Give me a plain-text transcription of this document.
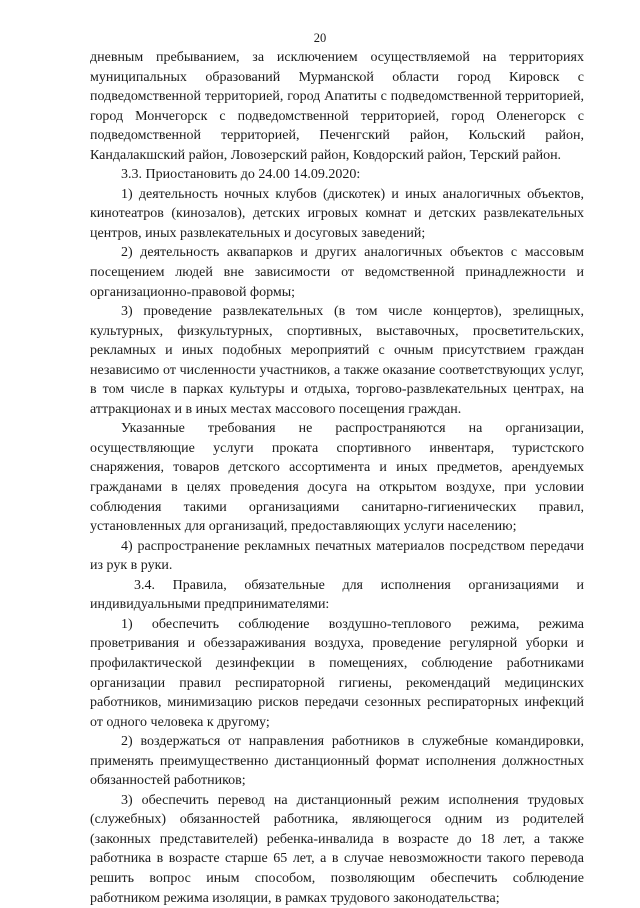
20

дневным пребыванием, за исключением осуществляемой на территориях муниципальных образований Мурманской области город Кировск с подведомственной территорией, город Апатиты с подведомственной территорией, город Мончегорск с подведомственной территорией, город Оленегорск с подведомственной территорией, Печенгский район, Кольский район, Кандалакшский район, Ловозерский район, Ковдорский район, Терский район.

3.3. Приостановить до 24.00 14.09.2020:

1) деятельность ночных клубов (дискотек) и иных аналогичных объектов, кинотеатров (кинозалов), детских игровых комнат и детских развлекательных центров, иных развлекательных и досуговых заведений;

2) деятельность аквапарков и других аналогичных объектов с массовым посещением людей вне зависимости от ведомственной принадлежности и организационно-правовой формы;

3) проведение развлекательных (в том числе концертов), зрелищных, культурных, физкультурных, спортивных, выставочных, просветительских, рекламных и иных подобных мероприятий с очным присутствием граждан независимо от численности участников, а также оказание соответствующих услуг, в том числе в парках культуры и отдыха, торгово-развлекательных центрах, на аттракционах и в иных местах массового посещения граждан.

Указанные требования не распространяются на организации, осуществляющие услуги проката спортивного инвентаря, туристского снаряжения, товаров детского ассортимента и иных предметов, арендуемых гражданами в целях проведения досуга на открытом воздухе, при условии соблюдения такими организациями санитарно-гигиенических правил, установленных для организаций, предоставляющих услуги населению;

4) распространение рекламных печатных материалов посредством передачи из рук в руки.

3.4. Правила, обязательные для исполнения организациями и индивидуальными предпринимателями:

1) обеспечить соблюдение воздушно-теплового режима, режима проветривания и обеззараживания воздуха, проведение регулярной уборки и профилактической дезинфекции в помещениях, соблюдение работниками организации правил респираторной гигиены, рекомендаций медицинских работников, минимизацию рисков передачи сезонных респираторных инфекций от одного человека к другому;

2) воздержаться от направления работников в служебные командировки, применять преимущественно дистанционный формат исполнения должностных обязанностей работников;

3) обеспечить перевод на дистанционный режим исполнения трудовых (служебных) обязанностей работника, являющегося одним из родителей (законных представителей) ребенка-инвалида в возрасте до 18 лет, а также работника в возрасте старше 65 лет, а в случае невозможности такого перевода решить вопрос иным способом, позволяющим обеспечить соблюдение работником режима изоляции, в рамках трудового законодательства;
